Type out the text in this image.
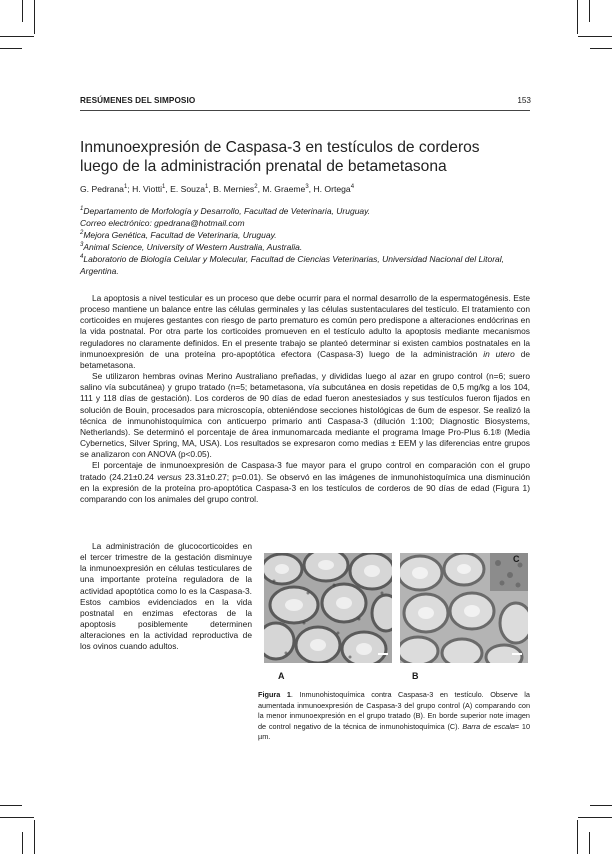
RESÚMENES DEL SIMPOSIO	153
Inmunoexpresión de Caspasa-3 en testículos de corderos
luego de la administración prenatal de betametasona
G. Pedrana$^1$; H. Viotti$^1$, E. Souza$^1$, B. Mernies$^2$, M. Graeme$^3$, H. Ortega$^4$
$^1$Departamento de Morfología y Desarrollo, Facultad de Veterinaria, Uruguay.
Correo electrónico: gpedrana@hotmail.com
$^2$Mejora Genética, Facultad de Veterinaria, Uruguay.
$^3$Animal Science, University of Western Australia, Australia.
$^4$Laboratorio de Biología Celular y Molecular, Facultad de Ciencias Veterinarias, Universidad Nacional del Litoral, Argentina.

La apoptosis a nivel testicular es un proceso que debe ocurrir para el normal desarrollo de la espermatogénesis. Este proceso mantiene un balance entre las células germinales y las células sustentaculares del testículo. El tratamiento con corticoides en mujeres gestantes con riesgo de parto prematuro es común pero predispone a alteraciones endócrinas en la vida postnatal. Por otra parte los corticoides promueven en el testículo adulto la apoptosis mediante mecanismos reguladores no claramente definidos. En el presente trabajo se planteó determinar si existen cambios postnatales en la inmunoexpresión de una proteína pro-apoptótica efectora (Caspasa-3) luego de la administración in utero de betametasona.

Se utilizaron hembras ovinas Merino Australiano preñadas, y divididas luego al azar en grupo control (n=6; suero salino vía subcutánea) y grupo tratado (n=5; betametasona, vía subcutánea en dosis repetidas de 0,5 mg/kg a los 104, 111 y 118 días de gestación). Los corderos de 90 días de edad fueron anestesiados y sus testículos fueron fijados en solución de Bouin, procesados para microscopía, obteniéndose secciones histológicas de 6um de espesor. Se realizó la técnica de inmunohistoquímica con anticuerpo primario anti Caspasa-3 (dilución 1:100; Diagnostic Biosystems, Netherlands). Se determinó el porcentaje de área inmunomarcada mediante el programa Image Pro-Plus 6.1® (Media Cybernetics, Silver Spring, MA, USA). Los resultados se expresaron como medias ± EEM y las diferencias entre grupos se analizaron con ANOVA (p<0.05).

El porcentaje de inmunoexpresión de Caspasa-3 fue mayor para el grupo control en comparación con el grupo tratado (24.21±0.24 versus 23.31±0.27; p=0.01). Se observó en las imágenes de inmunohistoquímica una disminución en la expresión de la proteína pro-apoptótica Caspasa-3 en los testículos de corderos de 90 días de edad (Figura 1) comparando con los animales del grupo control.

La administración de glucocorticoides en el tercer trimestre de la gestación disminuye la inmunoexpresión en células testiculares de una importante proteína reguladora de la actividad apoptótica como lo es la Caspasa-3. Estos cambios evidenciados en la vida postnatal en enzimas efectoras de la apoptosis posiblemente determinen alteraciones en la actividad reproductiva de los ovinos cuando adultos.

C
A	B
Figura 1. Inmunohistoquímica contra Caspasa-3 en testículo. Observe la aumentada inmunoexpresión de Caspasa-3 del grupo control (A) comparando con la menor inmunoexpresión en el grupo tratado (B). En borde superior note imagen de control negativo de la técnica de inmunohistoquímica (C). Barra de escala= 10 µm.
